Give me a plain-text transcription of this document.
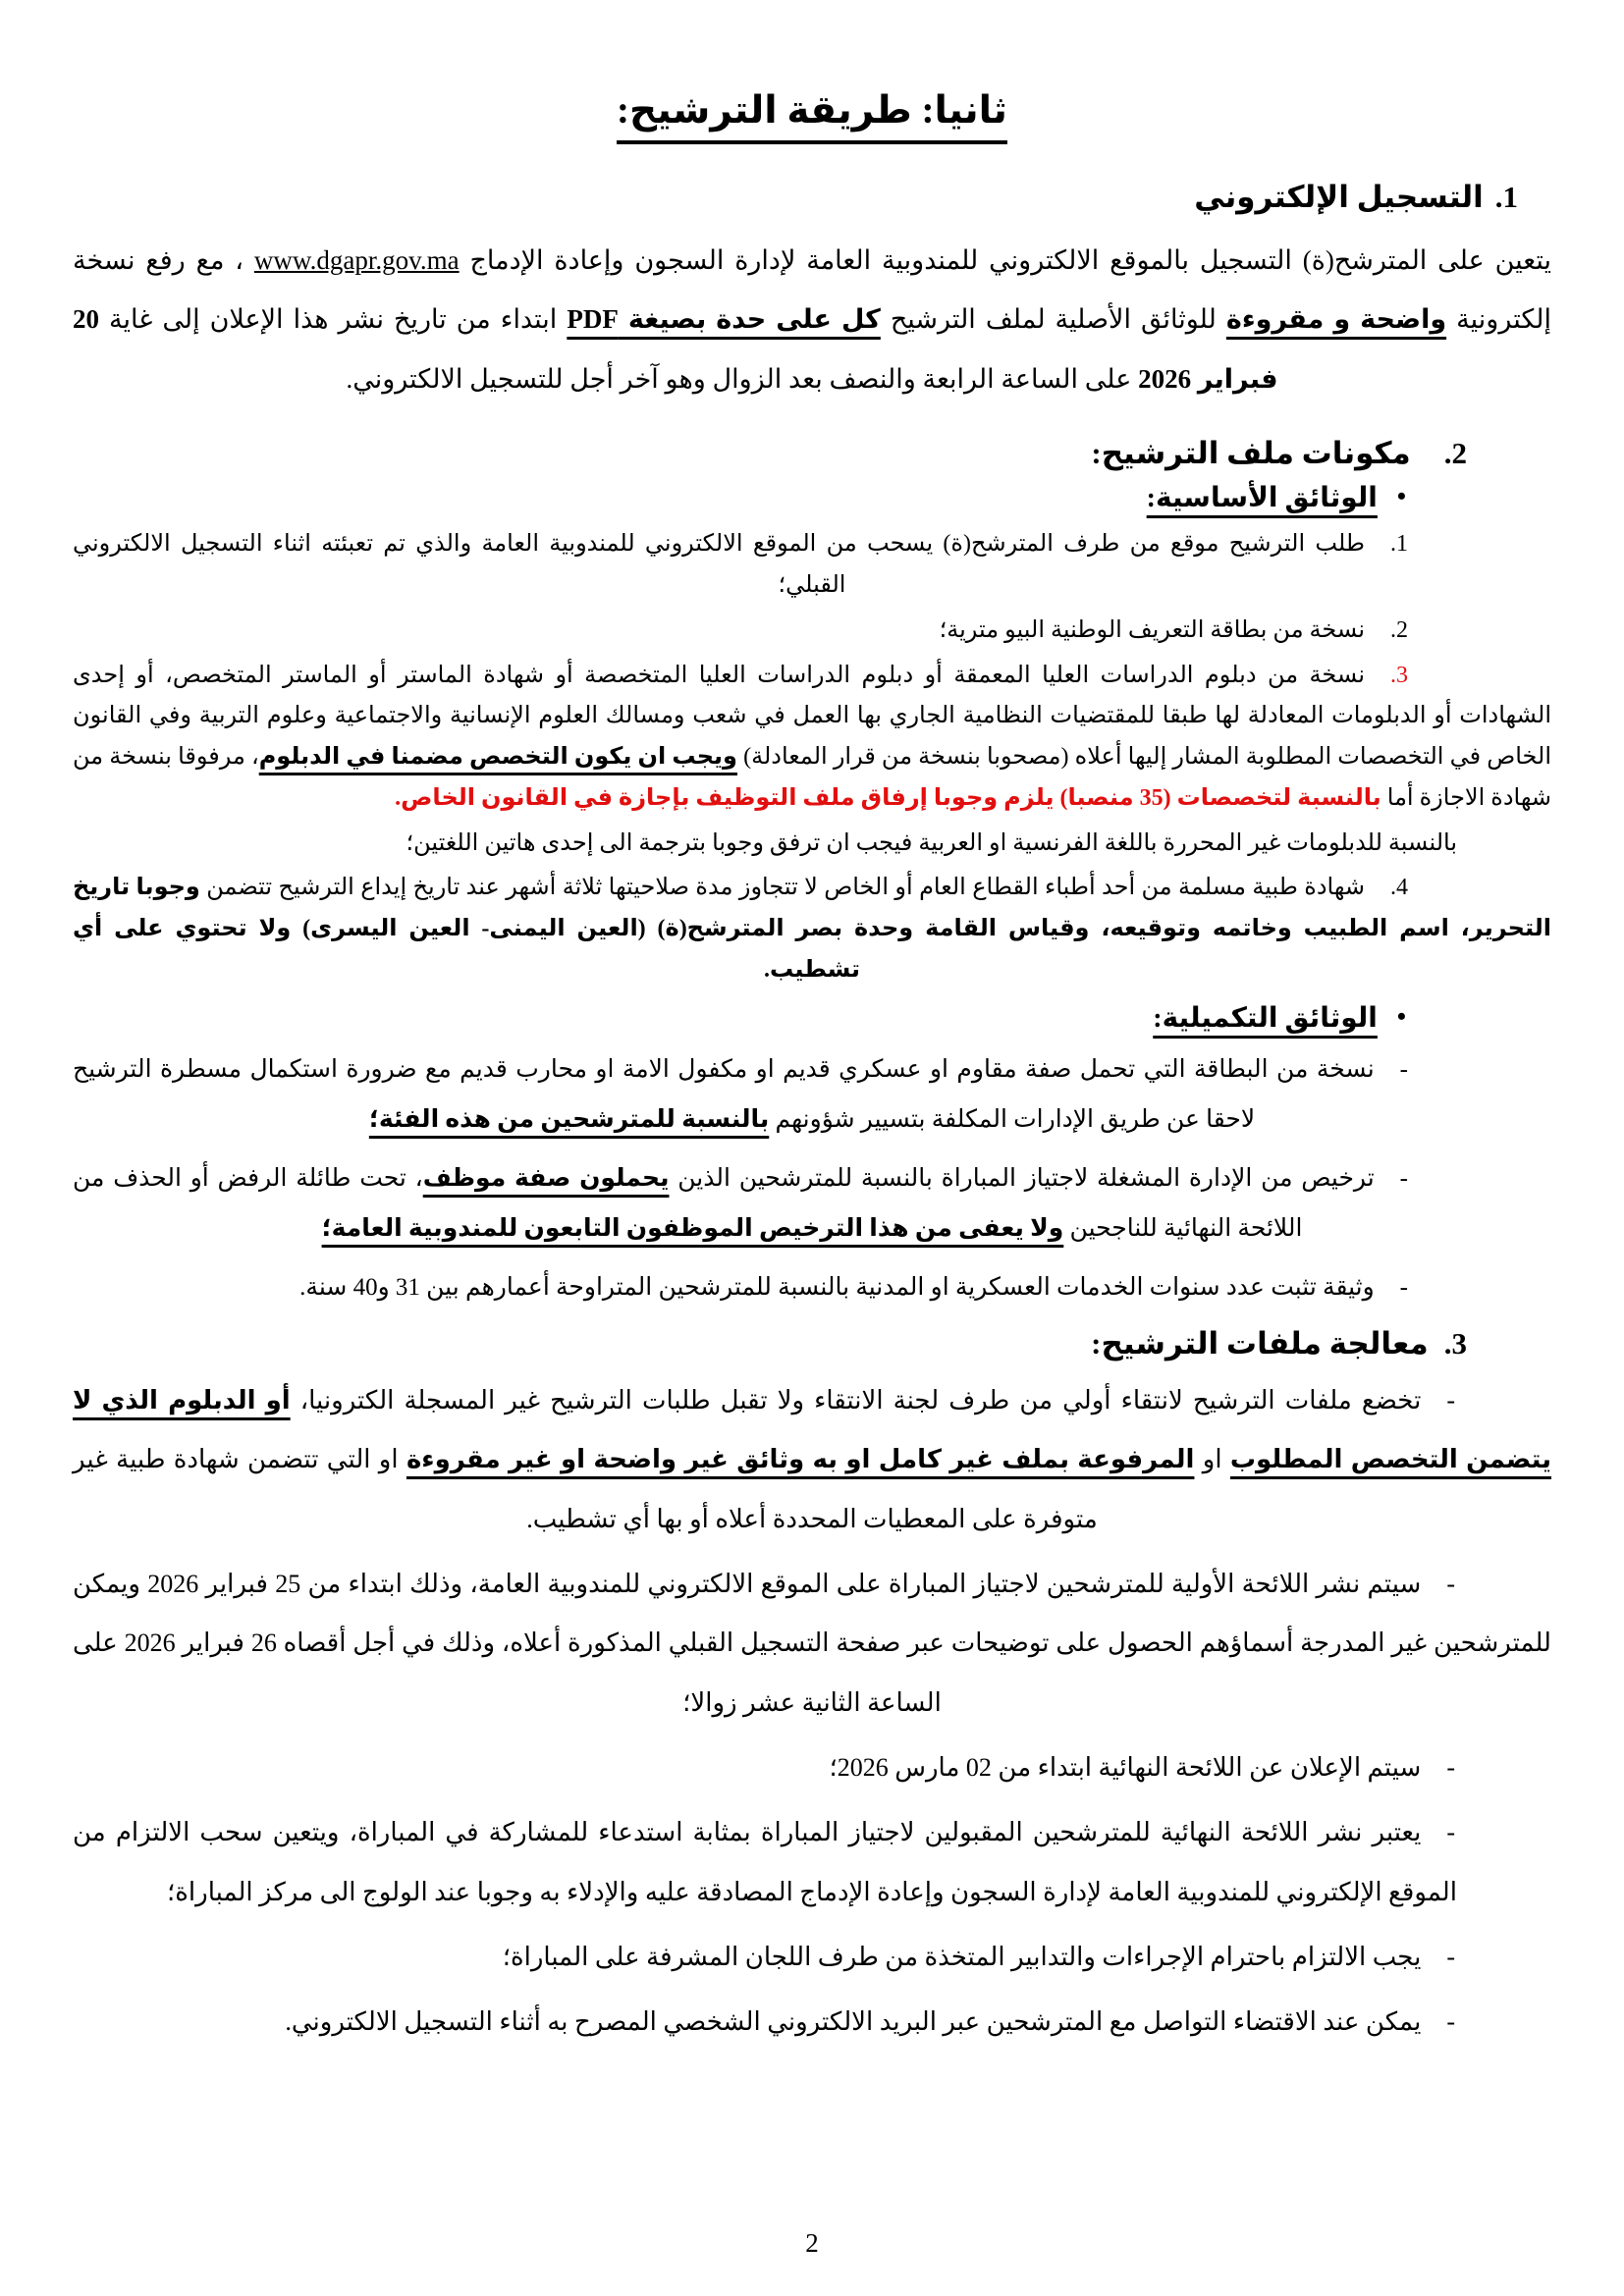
ثانيا: طريقة الترشيح:
1.التسجيل الإلكتروني

يتعين على المترشح(ة) التسجيل بالموقع الالكتروني للمندوبية العامة لإدارة السجون وإعادة الإدماج www.dgapr.gov.ma ، مع رفع نسخة إلكترونية واضحة و مقروءة للوثائق الأصلية لملف الترشيح كل على حدة بصيغة PDF ابتداء من تاريخ نشر هذا الإعلان إلى غاية 20 فبراير 2026 على الساعة الرابعة والنصف بعد الزوال وهو آخر أجل للتسجيل الالكتروني.

2.مكونات ملف الترشيح:
•الوثائق الأساسية:
1.طلب الترشيح موقع من طرف المترشح(ة) يسحب من الموقع الالكتروني للمندوبية العامة والذي تم تعبئته اثناء التسجيل الالكتروني القبلي؛
2.نسخة من بطاقة التعريف الوطنية البيو مترية؛
3.نسخة من دبلوم الدراسات العليا المعمقة أو دبلوم الدراسات العليا المتخصصة أو شهادة الماستر أو الماستر المتخصص، أو إحدى الشهادات أو الدبلومات المعادلة لها طبقا للمقتضيات النظامية الجاري بها العمل في شعب ومسالك العلوم الإنسانية والاجتماعية وعلوم التربية وفي القانون الخاص في التخصصات المطلوبة المشار إليها أعلاه (مصحوبا بنسخة من قرار المعادلة) ويجب ان يكون التخصص مضمنا في الدبلوم، مرفوقا بنسخة من شهادة الاجازة أما بالنسبة لتخصصات (35 منصبا) يلزم وجوبا إرفاق ملف التوظيف بإجازة في القانون الخاص.
بالنسبة للدبلومات غير المحررة باللغة الفرنسية او العربية فيجب ان ترفق وجوبا بترجمة الى إحدى هاتين اللغتين؛
4.شهادة طبية مسلمة من أحد أطباء القطاع العام أو الخاص لا تتجاوز مدة صلاحيتها ثلاثة أشهر عند تاريخ إيداع الترشيح تتضمن وجوبا تاريخ التحرير، اسم الطبيب وخاتمه وتوقيعه، وقياس القامة وحدة بصر المترشح(ة) (العين اليمنى- العين اليسرى) ولا تحتوي على أي تشطيب.
•الوثائق التكميلية:
-نسخة من البطاقة التي تحمل صفة مقاوم او عسكري قديم او مكفول الامة او محارب قديم مع ضرورة استكمال مسطرة الترشيح لاحقا عن طريق الإدارات المكلفة بتسيير شؤونهم بالنسبة للمترشحين من هذه الفئة؛
-ترخيص من الإدارة المشغلة لاجتياز المباراة بالنسبة للمترشحين الذين يحملون صفة موظف، تحت طائلة الرفض أو الحذف من اللائحة النهائية للناجحين ولا يعفى من هذا الترخيص الموظفون التابعون للمندوبية العامة؛
-وثيقة تثبت عدد سنوات الخدمات العسكرية او المدنية بالنسبة للمترشحين المتراوحة أعمارهم بين 31 و40 سنة.
3.معالجة ملفات الترشيح:
-تخضع ملفات الترشيح لانتقاء أولي من طرف لجنة الانتقاء ولا تقبل طلبات الترشيح غير المسجلة الكترونيا، أو الدبلوم الذي لا يتضمن التخصص المطلوب او المرفوعة بملف غير كامل او به وثائق غير واضحة او غير مقروءة او التي تتضمن شهادة طبية غير متوفرة على المعطيات المحددة أعلاه أو بها أي تشطيب.
-سيتم نشر اللائحة الأولية للمترشحين لاجتياز المباراة على الموقع الالكتروني للمندوبية العامة، وذلك ابتداء من 25 فبراير 2026 ويمكن للمترشحين غير المدرجة أسماؤهم الحصول على توضيحات عبر صفحة التسجيل القبلي المذكورة أعلاه، وذلك في أجل أقصاه 26 فبراير 2026 على الساعة الثانية عشر زوالا؛
-سيتم الإعلان عن اللائحة النهائية ابتداء من 02 مارس 2026؛
-يعتبر نشر اللائحة النهائية للمترشحين المقبولين لاجتياز المباراة بمثابة استدعاء للمشاركة في المباراة، ويتعين سحب الالتزام من الموقع الإلكتروني للمندوبية العامة لإدارة السجون وإعادة الإدماج المصادقة عليه والإدلاء به وجوبا عند الولوج الى مركز المباراة؛
-يجب الالتزام باحترام الإجراءات والتدابير المتخذة من طرف اللجان المشرفة على المباراة؛
-يمكن عند الاقتضاء التواصل مع المترشحين عبر البريد الالكتروني الشخصي المصرح به أثناء التسجيل الالكتروني.
2
